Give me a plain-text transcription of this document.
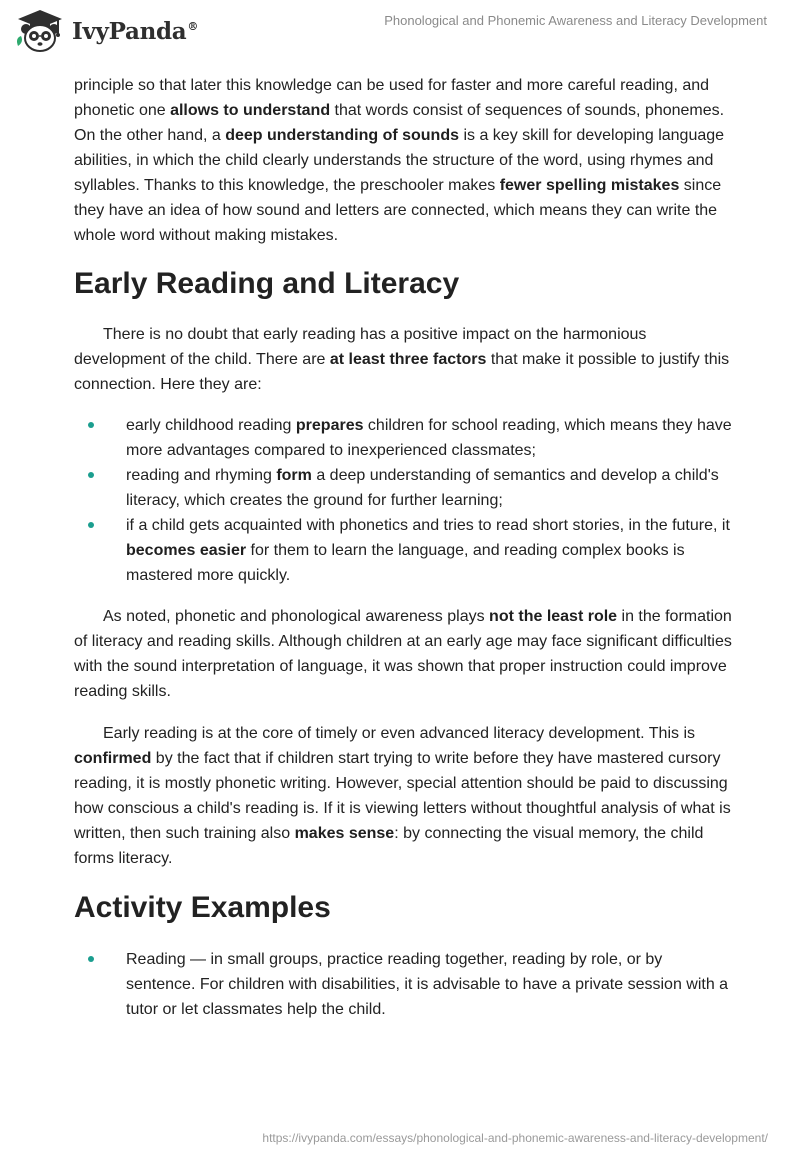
IvyPanda®	Phonological and Phonemic Awareness and Literacy Development

principle so that later this knowledge can be used for faster and more careful reading, and phonetic one allows to understand that words consist of sequences of sounds, phonemes. On the other hand, a deep understanding of sounds is a key skill for developing language abilities, in which the child clearly understands the structure of the word, using rhymes and syllables. Thanks to this knowledge, the preschooler makes fewer spelling mistakes since they have an idea of how sound and letters are connected, which means they can write the whole word without making mistakes.

Early Reading and Literacy

There is no doubt that early reading has a positive impact on the harmonious development of the child. There are at least three factors that make it possible to justify this connection. Here they are:

early childhood reading prepares children for school reading, which means they have more advantages compared to inexperienced classmates;
reading and rhyming form a deep understanding of semantics and develop a child's literacy, which creates the ground for further learning;
if a child gets acquainted with phonetics and tries to read short stories, in the future, it becomes easier for them to learn the language, and reading complex books is mastered more quickly.

As noted, phonetic and phonological awareness plays not the least role in the formation of literacy and reading skills. Although children at an early age may face significant difficulties with the sound interpretation of language, it was shown that proper instruction could improve reading skills.

Early reading is at the core of timely or even advanced literacy development. This is confirmed by the fact that if children start trying to write before they have mastered cursory reading, it is mostly phonetic writing. However, special attention should be paid to discussing how conscious a child's reading is. If it is viewing letters without thoughtful analysis of what is written, then such training also makes sense: by connecting the visual memory, the child forms literacy.

Activity Examples
Reading — in small groups, practice reading together, reading by role, or by sentence. For children with disabilities, it is advisable to have a private session with a tutor or let classmates help the child.
https://ivypanda.com/essays/phonological-and-phonemic-awareness-and-literacy-development/
